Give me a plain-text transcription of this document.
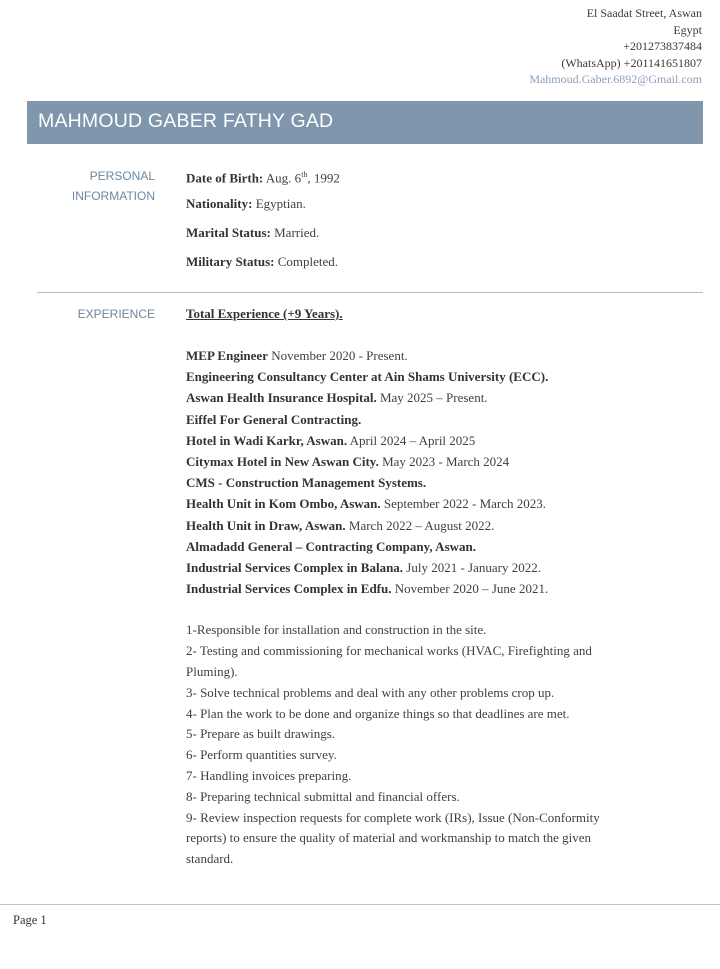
El Saadat Street, Aswan
Egypt
+201273837484
(WhatsApp) +201141651807
Mahmoud.Gaber.6892@Gmail.com
MAHMOUD GABER FATHY GAD
PERSONAL
INFORMATION
Date of Birth: Aug. 6th, 1992
Nationality: Egyptian.
Marital Status: Married.
Military Status: Completed.
EXPERIENCE Total Experience (+9 Years).
MEP Engineer November 2020 - Present.
Engineering Consultancy Center at Ain Shams University (ECC).
Aswan Health Insurance Hospital. May 2025 – Present.
Eiffel For General Contracting.
Hotel in Wadi Karkr, Aswan. April 2024 – April 2025
Citymax Hotel in New Aswan City. May 2023 - March 2024
CMS - Construction Management Systems.
Health Unit in Kom Ombo, Aswan. September 2022 - March 2023.
Health Unit in Draw, Aswan. March 2022 – August 2022.
Almadadd General – Contracting Company, Aswan.
Industrial Services Complex in Balana. July 2021 - January 2022.
Industrial Services Complex in Edfu. November 2020 – June 2021.
1-Responsible for installation and construction in the site.
2- Testing and commissioning for mechanical works (HVAC, Firefighting and Pluming).
3- Solve technical problems and deal with any other problems crop up.
4- Plan the work to be done and organize things so that deadlines are met.
5- Prepare as built drawings.
6- Perform quantities survey.
7- Handling invoices preparing.
8- Preparing technical submittal and financial offers.
9- Review inspection requests for complete work (IRs), Issue (Non-Conformity reports) to ensure the quality of material and workmanship to match the given standard.
Page 1
